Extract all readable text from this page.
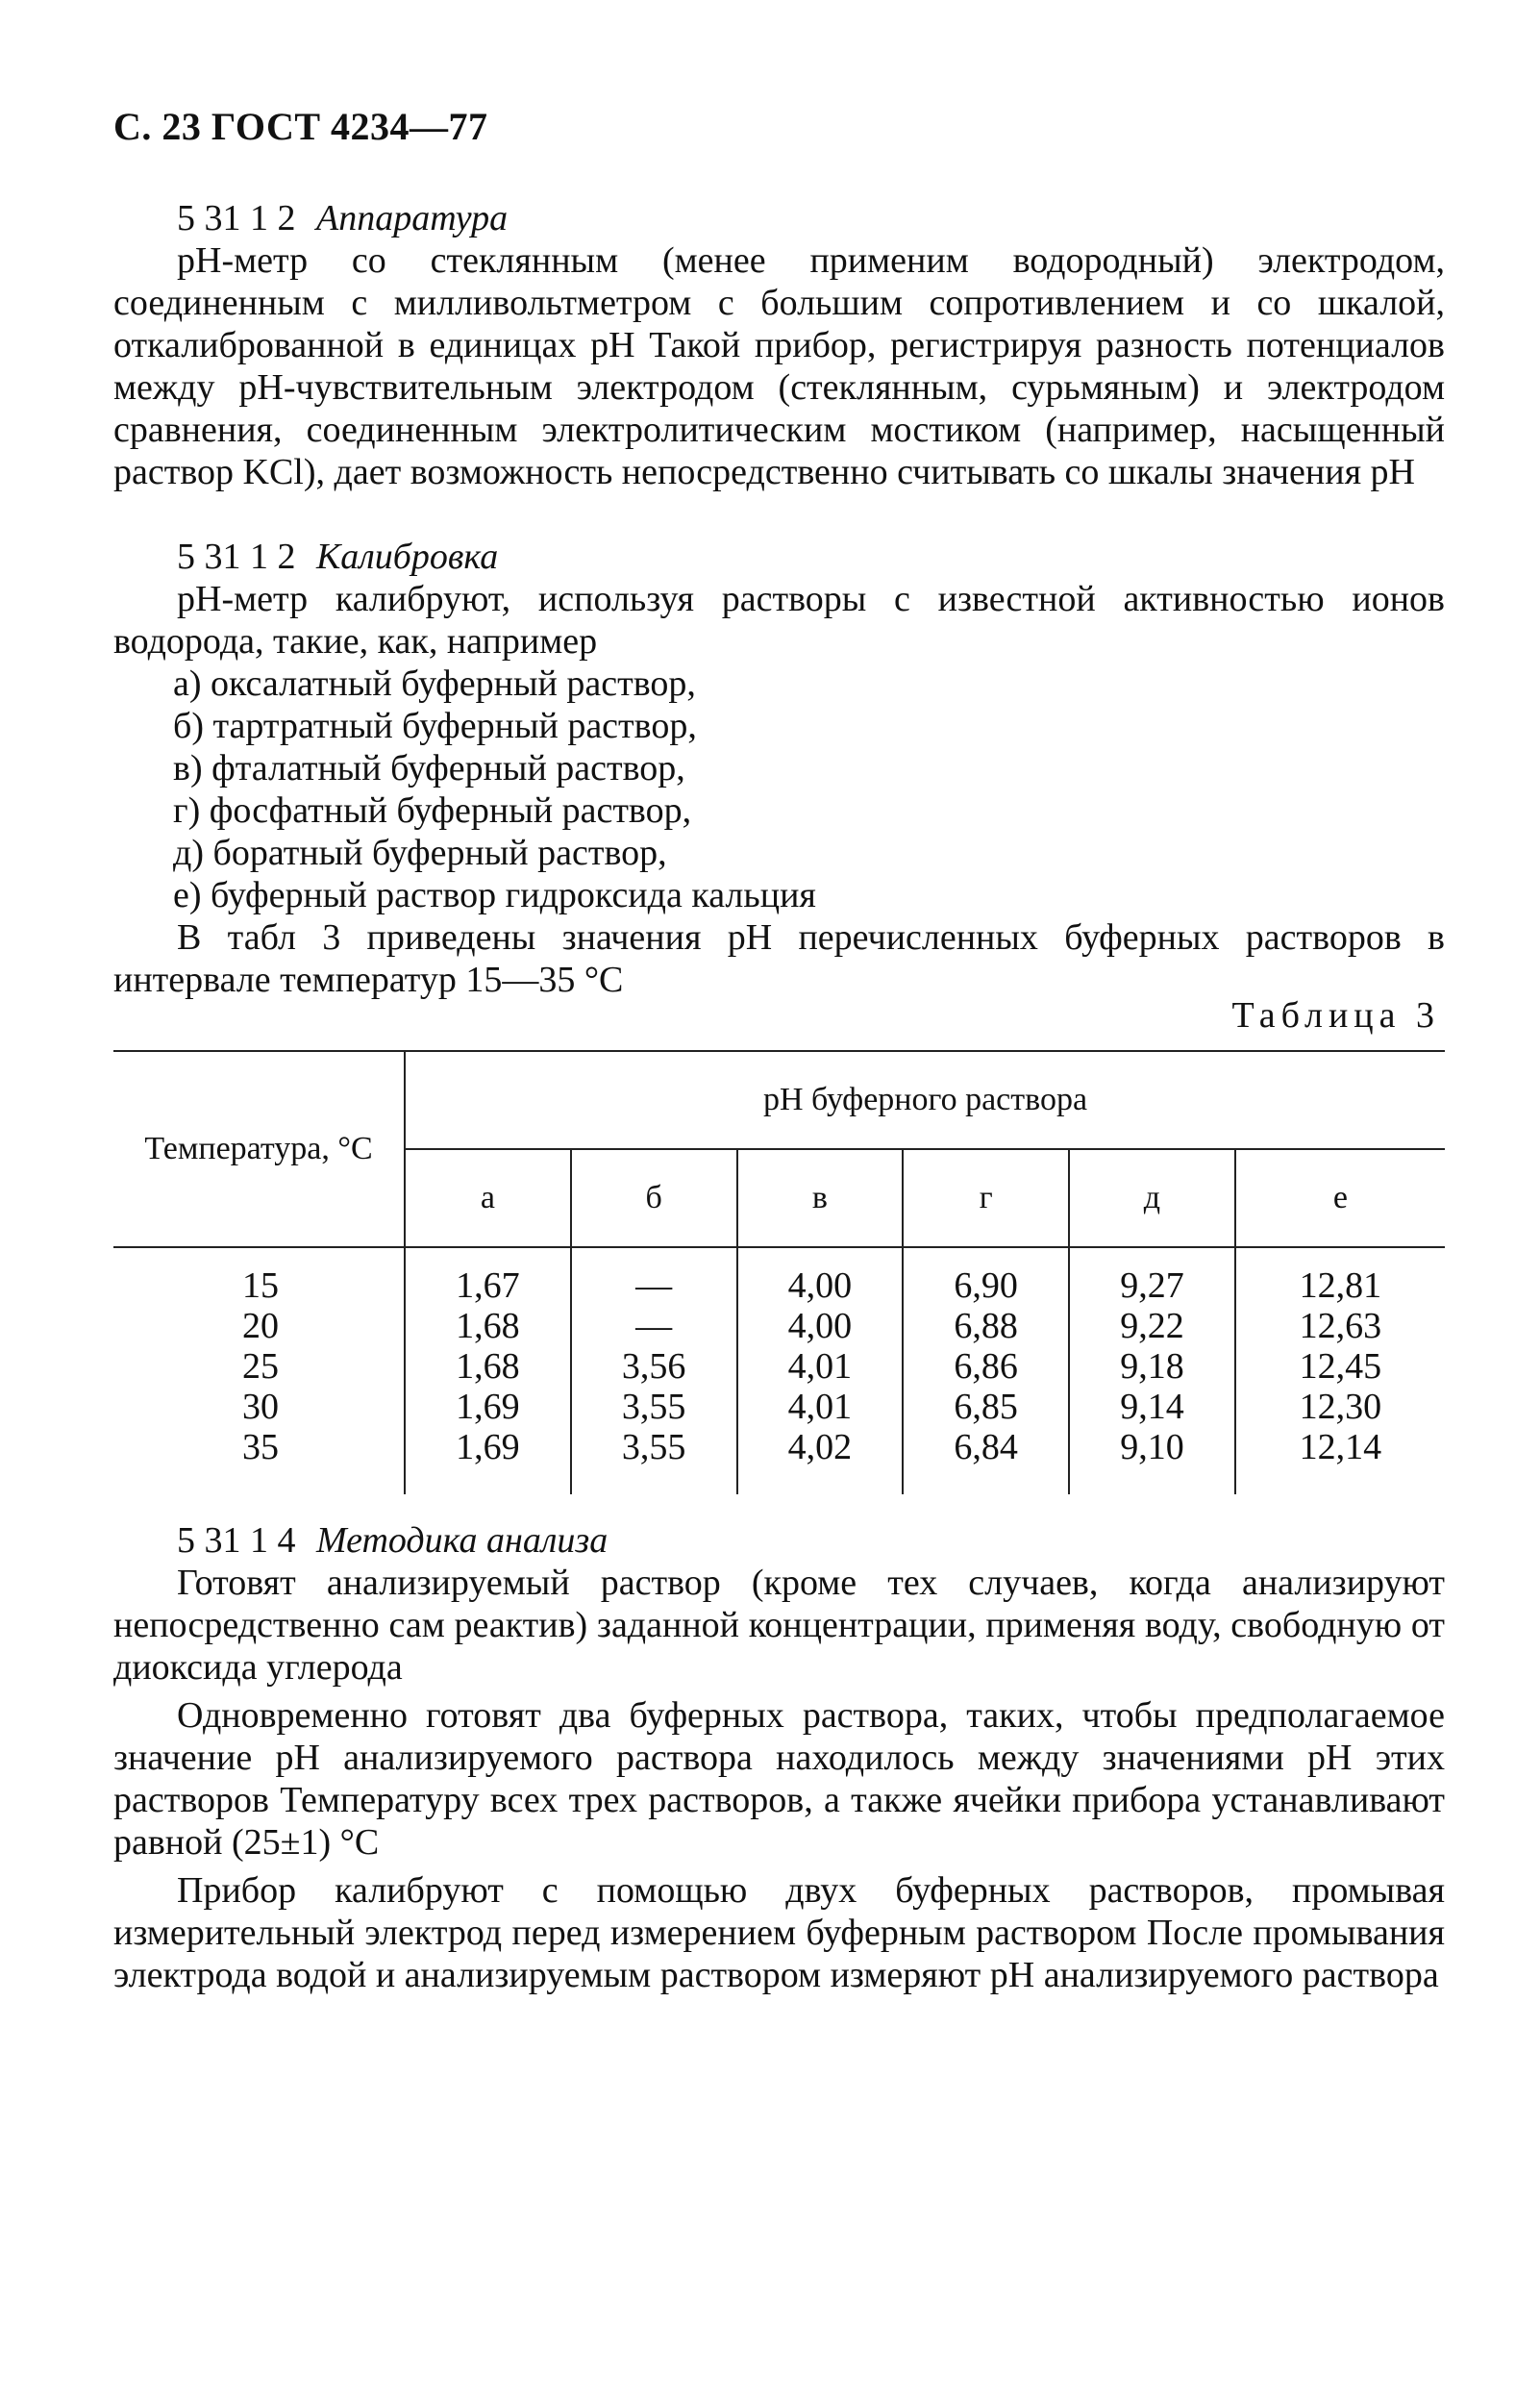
С. 23 ГОСТ 4234—77

5 31 1 2 Аппаратура

рН-метр со стеклянным (менее применим водородный) электродом, соединенным с милливольтметром с большим сопротивлением и со шкалой, откалиброванной в единицах рН Такой прибор, регистрируя разность потенциалов между рН-чувствительным электродом (стеклянным, сурьмяным) и электродом сравнения, соединенным электролитическим мостиком (например, насыщенный раствор KCl), дает возможность непосредственно считывать со шкалы значения рН

5 31 1 2 Калибровка

рН-метр калибруют, используя растворы с известной активностью ионов водорода, такие, как, например

а) оксалатный буферный раствор,

б) тартратный буферный раствор,

в) фталатный буферный раствор,

г) фосфатный буферный раствор,

д) боратный буферный раствор,

е) буферный раствор гидроксида кальция

В табл 3 приведены значения рН перечисленных буферных растворов в интервале температур 15—35 °С

Таблица 3
Температура, °С	рН буферного раствора					
	а	б	в	г	д	е
15	1,67	—	4,00	6,90	9,27	12,81
20	1,68	—	4,00	6,88	9,22	12,63
25	1,68	3,56	4,01	6,86	9,18	12,45
30	1,69	3,55	4,01	6,85	9,14	12,30
35	1,69	3,55	4,02	6,84	9,10	12,14

5 31 1 4 Методика анализа

Готовят анализируемый раствор (кроме тех случаев, когда анализируют непосредственно сам реактив) заданной концентрации, применяя воду, свободную от диоксида углерода

Одновременно готовят два буферных раствора, таких, чтобы предполагаемое значение рН анализируемого раствора находилось между значениями рН этих растворов Температуру всех трех растворов, а также ячейки прибора устанавливают равной (25±1) °С

Прибор калибруют с помощью двух буферных растворов, промывая измерительный электрод перед измерением буферным раствором После промывания электрода водой и анализируемым раствором измеряют рН анализируемого раствора
